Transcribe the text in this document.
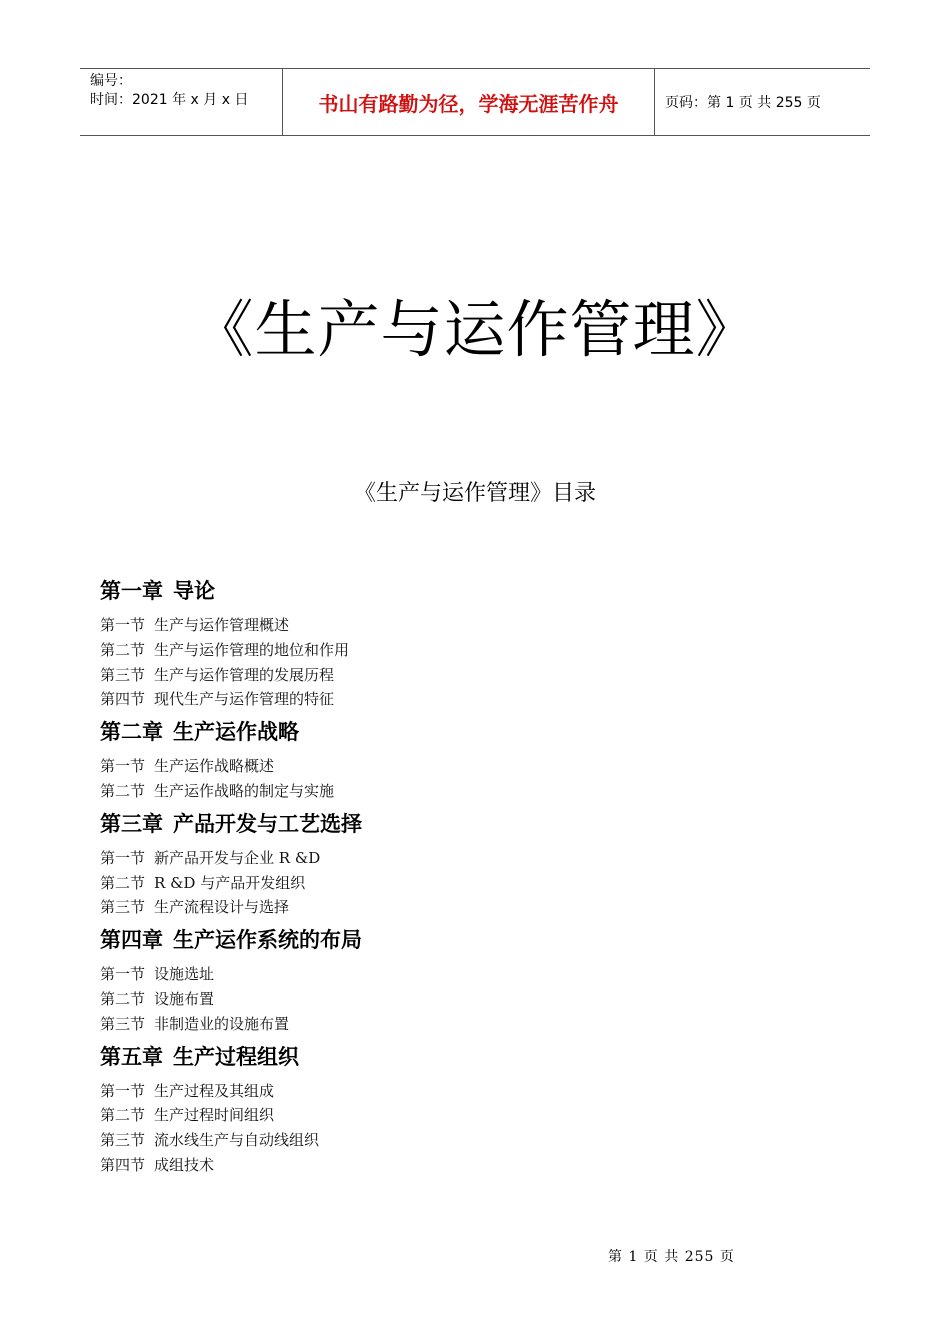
编号：
时间：2021 年 x 月 x 日	书山有路勤为径，学海无涯苦作舟	页码：第 1 页 共 255 页
《生产与运作管理》
《生产与运作管理》目录
第一章 导论
第一节 生产与运作管理概述
第二节 生产与运作管理的地位和作用
第三节 生产与运作管理的发展历程
第四节 现代生产与运作管理的特征
第二章 生产运作战略
第一节 生产运作战略概述
第二节 生产运作战略的制定与实施
第三章 产品开发与工艺选择
第一节 新产品开发与企业 R &D
第二节 R &D 与产品开发组织
第三节 生产流程设计与选择
第四章 生产运作系统的布局
第一节 设施选址
第二节 设施布置
第三节 非制造业的设施布置
第五章 生产过程组织
第一节 生产过程及其组成
第二节 生产过程时间组织
第三节 流水线生产与自动线组织
第四节 成组技术
第 1 页 共 255 页
